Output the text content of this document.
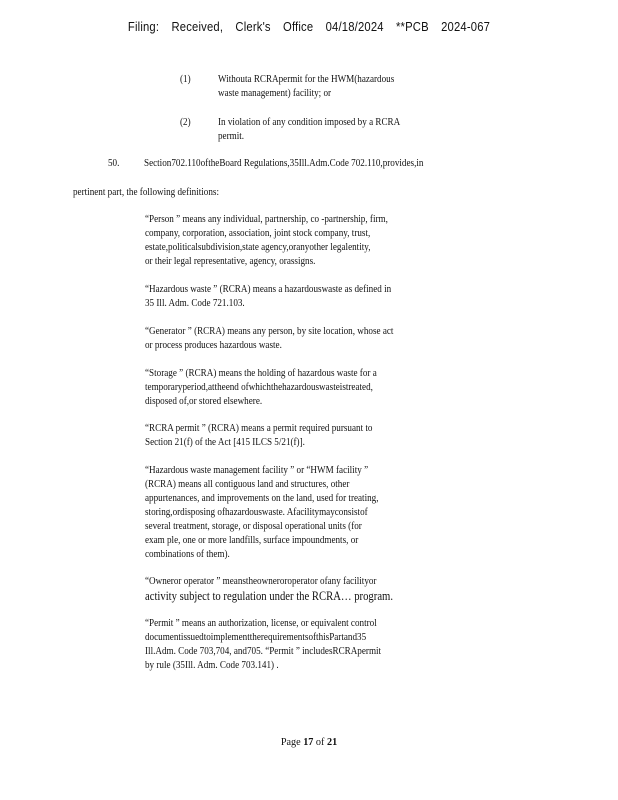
Filing: Received, Clerk's Office 04/18/2024 **PCB 2024-067
(1)	Withouta RCRApermit for the HWM(hazardous
waste management) facility; or
(2)	In violation of any condition imposed by a RCRA
permit.
50. Section702.110oftheBoard Regulations,35Ill.Adm.Code 702.110,provides,in
pertinent part, the following definitions:
“Person ” means any individual, partnership, co -partnership, firm,
company, corporation, association, joint stock company, trust,
estate,politicalsubdivision,state agency,oranyother legalentity,
or their legal representative, agency, orassigns.
“Hazardous waste ” (RCRA) means a hazardouswaste as defined in
35 Ill. Adm. Code 721.103.
“Generator ” (RCRA) means any person, by site location, whose act
or process produces hazardous waste.
“Storage ” (RCRA) means the holding of hazardous waste for a
temporaryperiod,attheend ofwhichthehazardouswasteistreated,
disposed of,or stored elsewhere.
“RCRA permit ” (RCRA) means a permit required pursuant to
Section 21(f) of the Act [415 ILCS 5/21(f)].
“Hazardous waste management facility ” or “HWM facility ”
(RCRA) means all contiguous land and structures, other
appurtenances, and improvements on the land, used for treating,
storing,ordisposing ofhazardouswaste. Afacilitymayconsistof
several treatment, storage, or disposal operational units (for
exam ple, one or more landfills, surface impoundments, or
combinations of them).
“Owneror operator ” meanstheowneroroperator ofany facilityor
activity subject to regulation under the RCRA… program.
“Permit ” means an authorization, license, or equivalent control
documentissuedtoimplementtherequirementsofthisPartand35
Ill.Adm. Code 703,704, and705. “Permit ” includesRCRApermit
by rule (35Ill. Adm. Code 703.141) .
Page 17 of 21
